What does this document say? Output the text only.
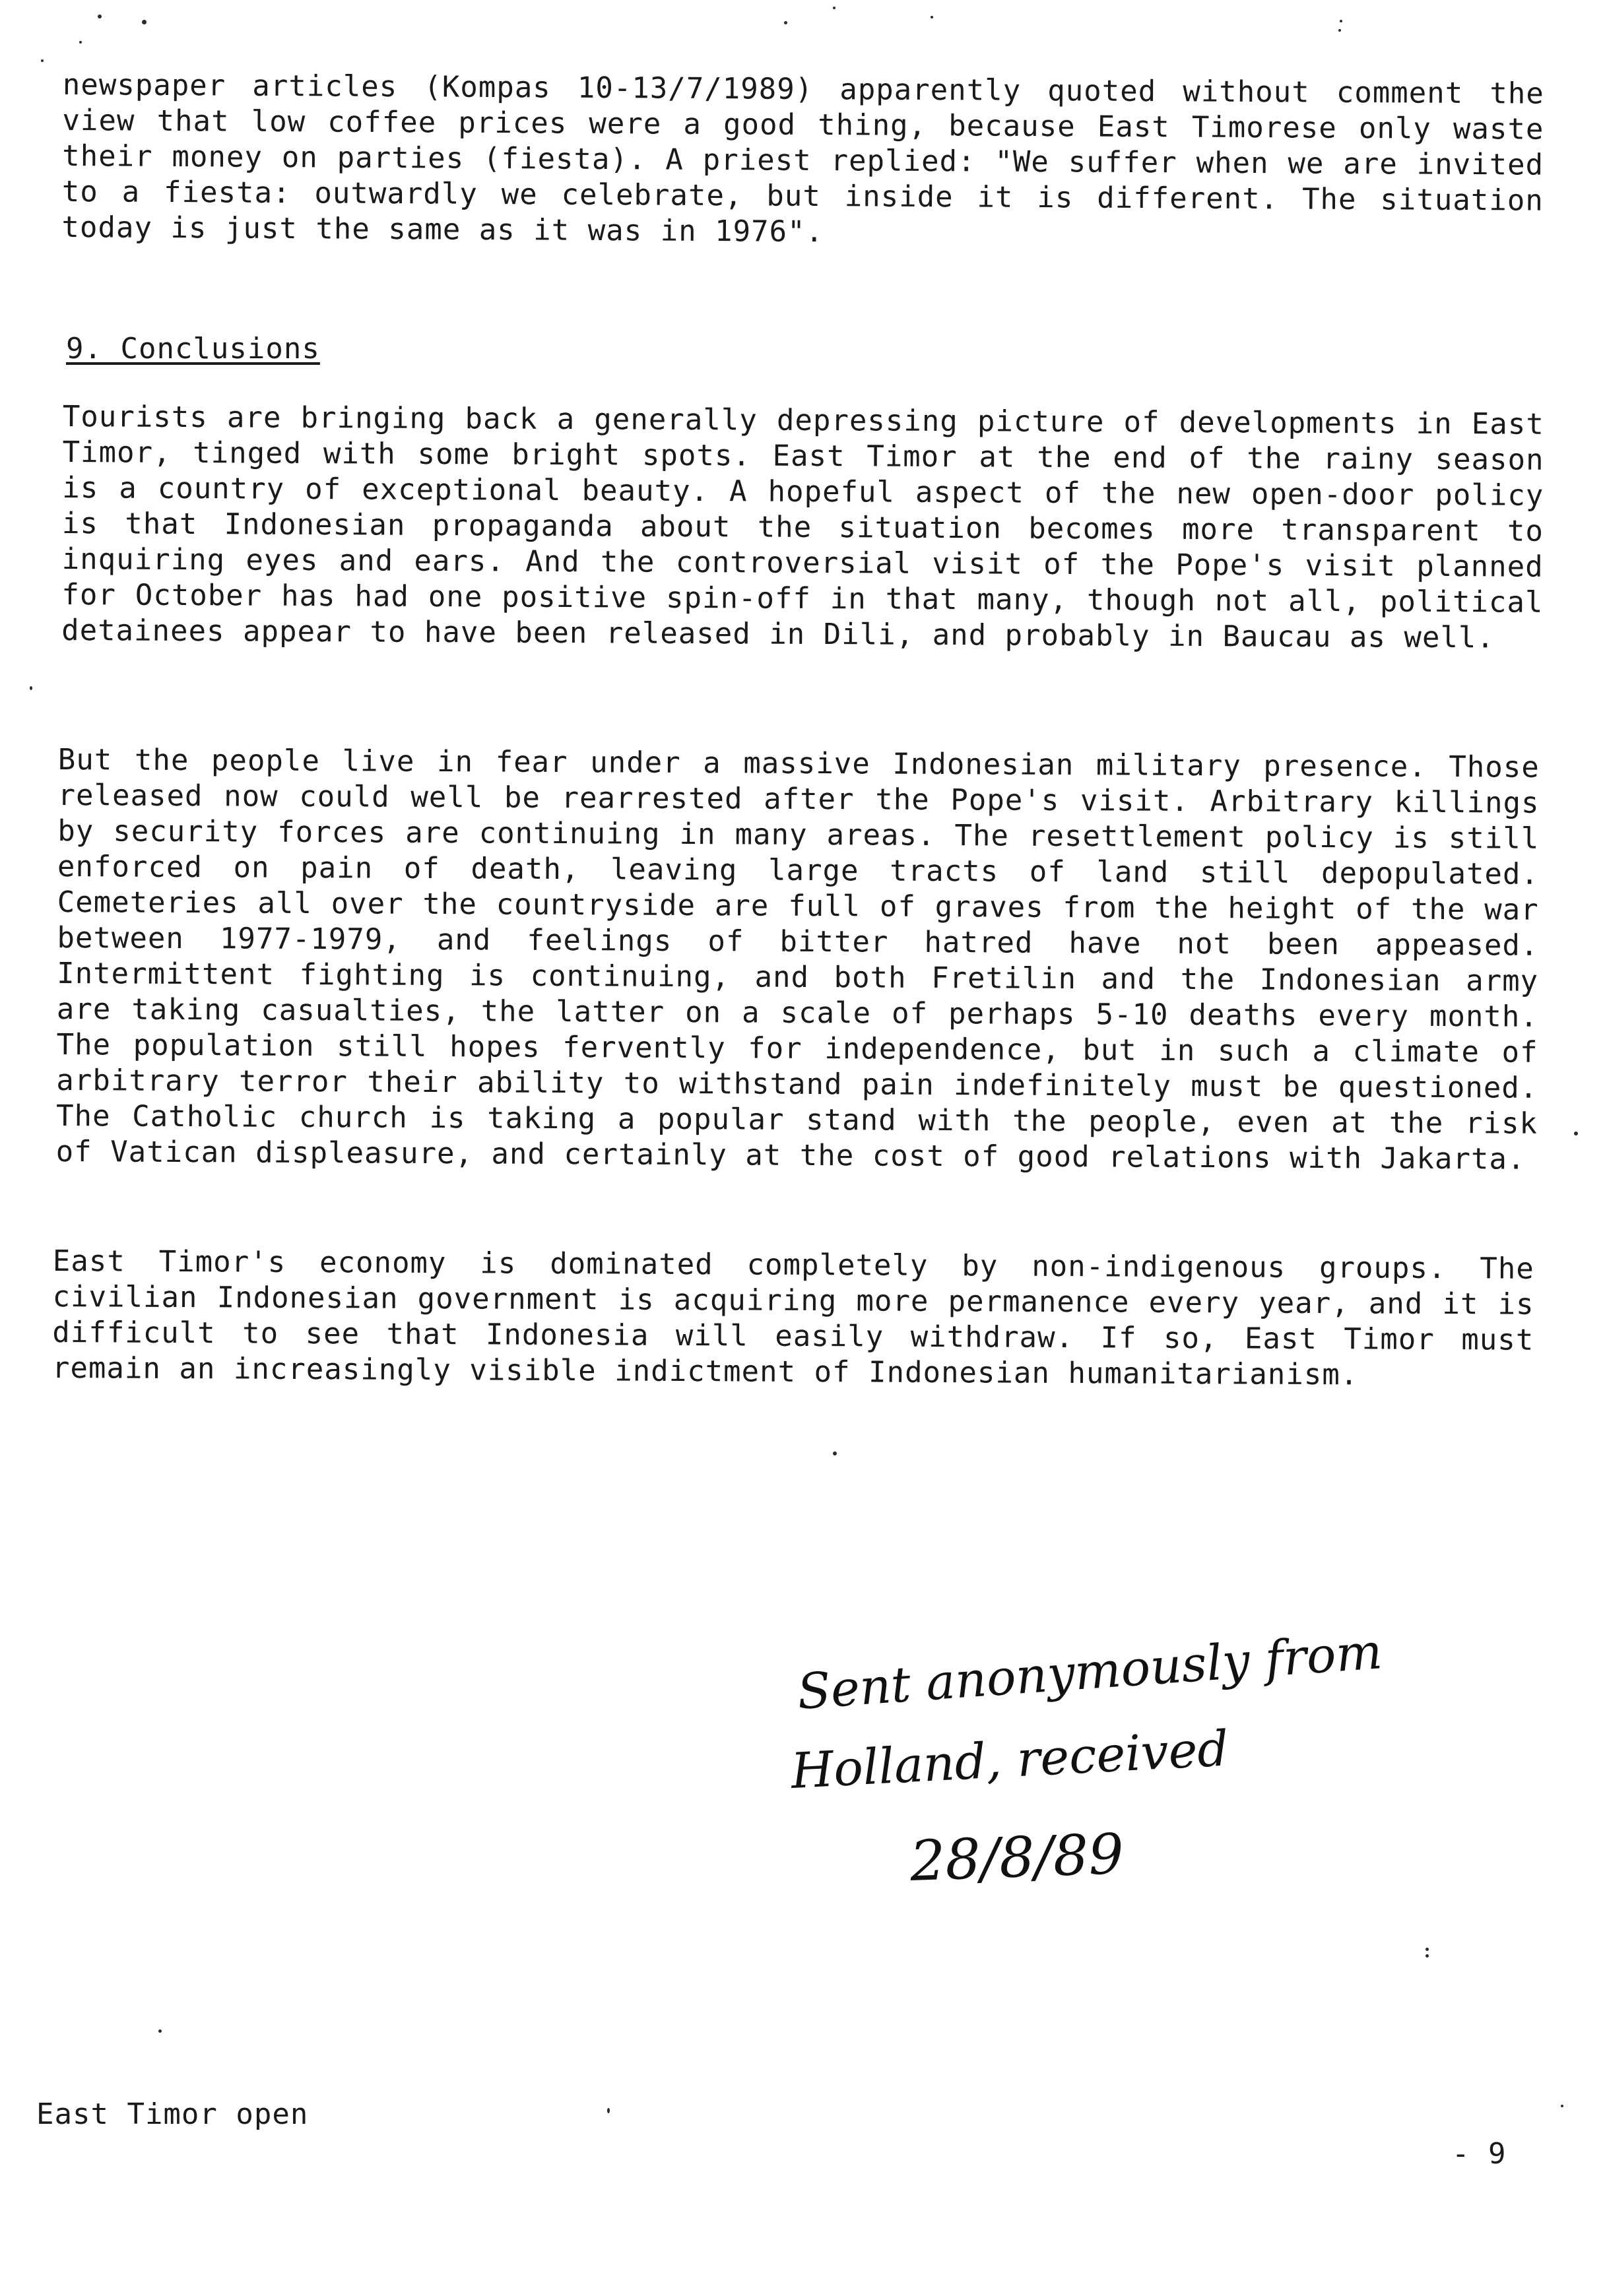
newspaper articles (Kompas 10-13/7/1989) apparently quoted without comment the view that low coffee prices were a good thing, because East Timorese only waste their money on parties (fiesta). A priest replied: "We suffer when we are invited to a fiesta: outwardly we celebrate, but inside it is different. The situation today is just the same as it was in 1976".

9. Conclusions

Tourists are bringing back a generally depressing picture of developments in East Timor, tinged with some bright spots. East Timor at the end of the rainy season is a country of exceptional beauty. A hopeful aspect of the new open-door policy is that Indonesian propaganda about the situation becomes more transparent to inquiring eyes and ears. And the controversial visit of the Pope's visit planned for October has had one positive spin-off in that many, though not all, political detainees appear to have been released in Dili, and probably in Baucau as well.

But the people live in fear under a massive Indonesian military presence. Those released now could well be rearrested after the Pope's visit. Arbitrary killings by security forces are continuing in many areas. The resettlement policy is still enforced on pain of death, leaving large tracts of land still depopulated. Cemeteries all over the countryside are full of graves from the height of the war between 1977-1979, and feelings of bitter hatred have not been appeased. Intermittent fighting is continuing, and both Fretilin and the Indonesian army are taking casualties, the latter on a scale of perhaps 5-10 deaths every month. The population still hopes fervently for independence, but in such a climate of arbitrary terror their ability to withstand pain indefinitely must be questioned. The Catholic church is taking a popular stand with the people, even at the risk of Vatican displeasure, and certainly at the cost of good relations with Jakarta.

East Timor's economy is dominated completely by non-indigenous groups. The civilian Indonesian government is acquiring more permanence every year, and it is difficult to see that Indonesia will easily withdraw. If so, East Timor must remain an increasingly visible indictment of Indonesian humanitarianism.

Sent anonymously from
Holland, received
28/8/89

East Timor open

- 9
